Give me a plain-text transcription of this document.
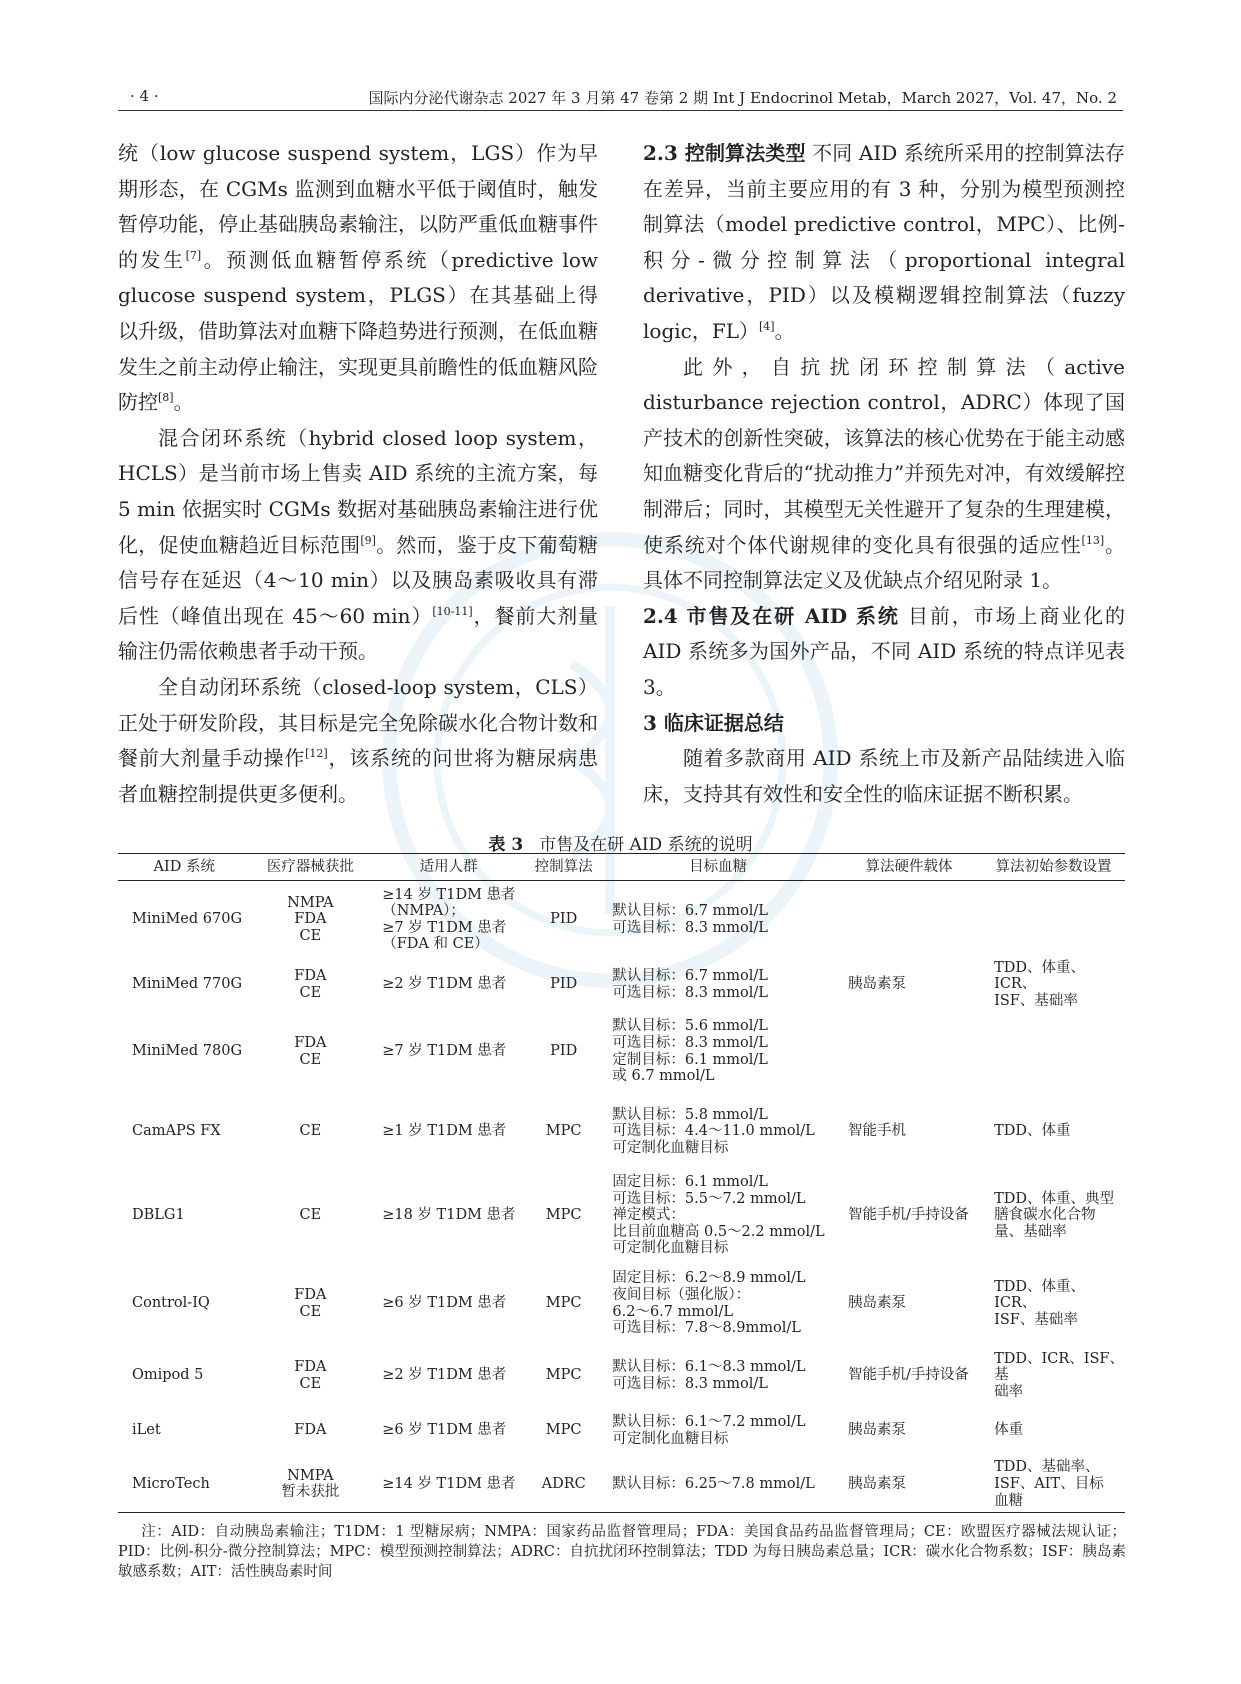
· 4 ·	国际内分泌代谢杂志 2027 年 3 月第 47 卷第 2 期 Int J Endocrinol Metab，March 2027，Vol. 47，No. 2

统（low glucose suspend system，LGS）作为早期形态，在 CGMs 监测到血糖水平低于阈值时，触发暂停功能，停止基础胰岛素输注，以防严重低血糖事件的发生[7]。预测低血糖暂停系统（predictive low glucose suspend system，PLGS）在其基础上得以升级，借助算法对血糖下降趋势进行预测，在低血糖发生之前主动停止输注，实现更具前瞻性的低血糖风险防控[8]。

混合闭环系统（hybrid closed loop system，HCLS）是当前市场上售卖 AID 系统的主流方案，每 5 min 依据实时 CGMs 数据对基础胰岛素输注进行优化，促使血糖趋近目标范围[9]。然而，鉴于皮下葡萄糖信号存在延迟（4～10 min）以及胰岛素吸收具有滞后性（峰值出现在 45～60 min）[10-11]，餐前大剂量输注仍需依赖患者手动干预。

全自动闭环系统（closed-loop system，CLS）正处于研发阶段，其目标是完全免除碳水化合物计数和餐前大剂量手动操作[12]，该系统的问世将为糖尿病患者血糖控制提供更多便利。

2.3 控制算法类型 不同 AID 系统所采用的控制算法存在差异，当前主要应用的有 3 种，分别为模型预测控制算法（model predictive control，MPC）、比例-积分-微分控制算法（proportional integral derivative，PID）以及模糊逻辑控制算法（fuzzy logic，FL）[4]。

此外，自抗扰闭环控制算法（active disturbance rejection control，ADRC）体现了国产技术的创新性突破，该算法的核心优势在于能主动感知血糖变化背后的“扰动推力”并预先对冲，有效缓解控制滞后；同时，其模型无关性避开了复杂的生理建模，使系统对个体代谢规律的变化具有很强的适应性[13]。具体不同控制算法定义及优缺点介绍见附录 1。

2.4 市售及在研 AID 系统 目前，市场上商业化的 AID 系统多为国外产品，不同 AID 系统的特点详见表 3。

3 临床证据总结

随着多款商用 AID 系统上市及新产品陆续进入临床，支持其有效性和安全性的临床证据不断积累。

表 3 市售及在研 AID 系统的说明
AID 系统	医疗器械获批	适用人群	控制算法	目标血糖	算法硬件载体	算法初始参数设置
MiniMed 670G	NMPA
FDA
CE	≥14 岁 T1DM 患者
（NMPA）；
≥7 岁 T1DM 患者
（FDA 和 CE）	PID	默认目标：6.7 mmol/L
可选目标：8.3 mmol/L		
MiniMed 770G	FDA
CE	≥2 岁 T1DM 患者	PID	默认目标：6.7 mmol/L
可选目标：8.3 mmol/L	胰岛素泵	TDD、体重、ICR、
ISF、基础率
MiniMed 780G	FDA
CE	≥7 岁 T1DM 患者	PID	默认目标：5.6 mmol/L
可选目标：8.3 mmol/L
定制目标：6.1 mmol/L
或 6.7 mmol/L		
CamAPS FX	CE	≥1 岁 T1DM 患者	MPC	默认目标：5.8 mmol/L
可选目标：4.4～11.0 mmol/L
可定制化血糖目标	智能手机	TDD、体重
DBLG1	CE	≥18 岁 T1DM 患者	MPC	固定目标：6.1 mmol/L
可选目标：5.5～7.2 mmol/L
禅定模式：
比目前血糖高 0.5～2.2 mmol/L
可定制化血糖目标	智能手机/手持设备	TDD、体重、典型
膳食碳水化合物
量、基础率
Control-IQ	FDA
CE	≥6 岁 T1DM 患者	MPC	固定目标：6.2～8.9 mmol/L
夜间目标（强化版）：
6.2～6.7 mmol/L
可选目标：7.8～8.9mmol/L	胰岛素泵	TDD、体重、ICR、
ISF、基础率
Omipod 5	FDA
CE	≥2 岁 T1DM 患者	MPC	默认目标：6.1～8.3 mmol/L
可选目标：8.3 mmol/L	智能手机/手持设备	TDD、ICR、ISF、基
础率
iLet	FDA	≥6 岁 T1DM 患者	MPC	默认目标：6.1～7.2 mmol/L
可定制化血糖目标	胰岛素泵	体重
MicroTech	NMPA
暂未获批	≥14 岁 T1DM 患者	ADRC	默认目标：6.25～7.8 mmol/L	胰岛素泵	TDD、基础率、
ISF、AIT、目标
血糖
注：AID：自动胰岛素输注；T1DM：1 型糖尿病；NMPA：国家药品监督管理局；FDA：美国食品药品监督管理局；CE：欧盟医疗器械法规认证；PID：比例-积分-微分控制算法；MPC：模型预测控制算法；ADRC：自抗扰闭环控制算法；TDD 为每日胰岛素总量；ICR：碳水化合物系数；ISF：胰岛素敏感系数；AIT：活性胰岛素时间
